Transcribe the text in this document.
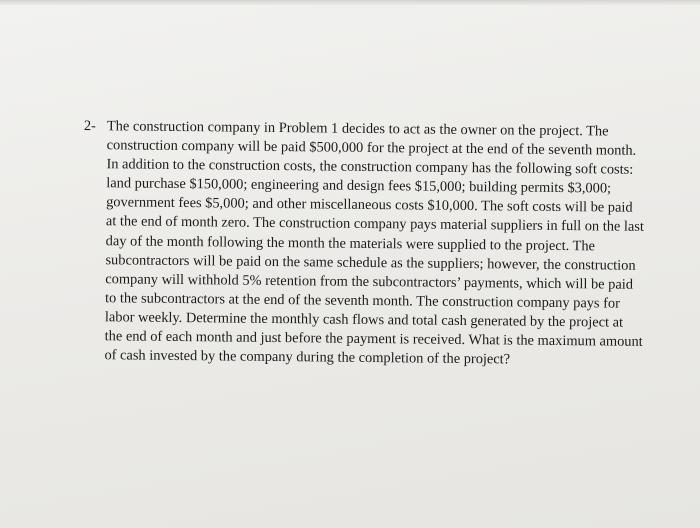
2- The construction company in Problem 1 decides to act as the owner on the project. The
construction company will be paid $500,000 for the project at the end of the seventh month.
In addition to the construction costs, the construction company has the following soft costs:
land purchase $150,000; engineering and design fees $15,000; building permits $3,000;
government fees $5,000; and other miscellaneous costs $10,000. The soft costs will be paid
at the end of month zero. The construction company pays material suppliers in full on the last
day of the month following the month the materials were supplied to the project. The
subcontractors will be paid on the same schedule as the suppliers; however, the construction
company will withhold 5% retention from the subcontractors’ payments, which will be paid
to the subcontractors at the end of the seventh month. The construction company pays for
labor weekly. Determine the monthly cash flows and total cash generated by the project at
the end of each month and just before the payment is received. What is the maximum amount
of cash invested by the company during the completion of the project?
